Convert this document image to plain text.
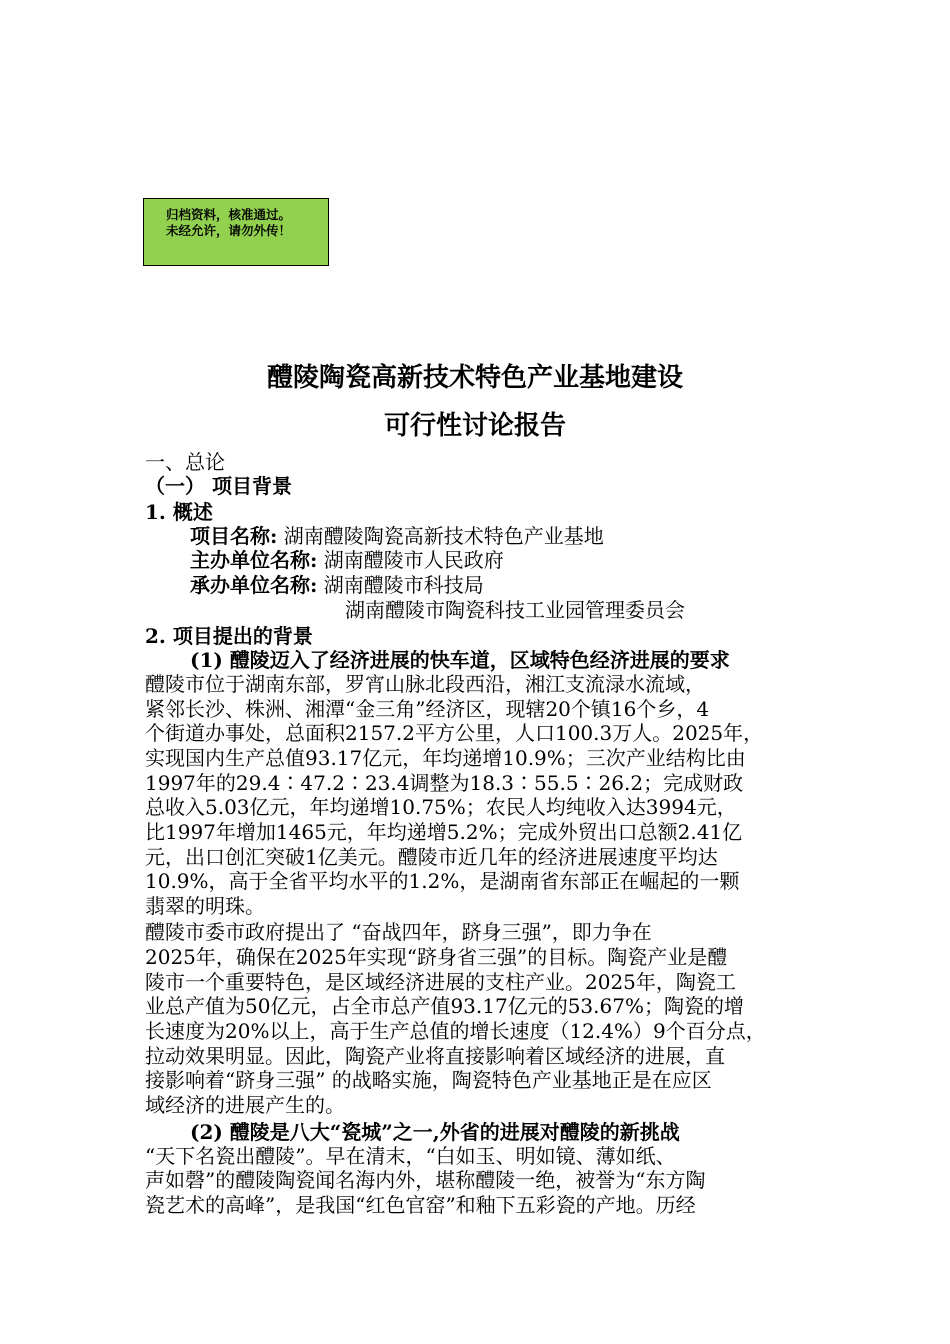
归档资料，核准通过。
未经允许，请勿外传！
醴陵陶瓷高新技术特色产业基地建设
可行性讨论报告
一、总论
（一） 项目背景
1. 概述
项目名称: 湖南醴陵陶瓷高新技术特色产业基地
主办单位名称: 湖南醴陵市人民政府
承办单位名称: 湖南醴陵市科技局
湖南醴陵市陶瓷科技工业园管理委员会
2. 项目提出的背景
(1) 醴陵迈入了经济进展的快车道，区域特色经济进展的要求
醴陵市位于湖南东部，罗宵山脉北段西沿，湘江支流渌水流域，
紧邻长沙、株洲、湘潭“金三角”经济区，现辖20个镇16个乡，4
个街道办事处，总面积2157.2平方公里，人口100.3万人。2025年，
实现国内生产总值93.17亿元，年均递增10.9%；三次产业结构比由
1997年的29.4∶47.2∶23.4调整为18.3∶55.5∶26.2；完成财政
总收入5.03亿元，年均递增10.75%；农民人均纯收入达3994元，
比1997年增加1465元，年均递增5.2%；完成外贸出口总额2.41亿
元，出口创汇突破1亿美元。醴陵市近几年的经济进展速度平均达
10.9%，高于全省平均水平的1.2%，是湖南省东部正在崛起的一颗
翡翠的明珠。
醴陵市委市政府提出了 “奋战四年，跻身三强”，即力争在
2025年，确保在2025年实现“跻身省三强”的目标。陶瓷产业是醴
陵市一个重要特色，是区域经济进展的支柱产业。2025年，陶瓷工
业总产值为50亿元，占全市总产值93.17亿元的53.67%；陶瓷的增
长速度为20%以上，高于生产总值的增长速度（12.4%）9个百分点，
拉动效果明显。因此，陶瓷产业将直接影响着区域经济的进展，直
接影响着“跻身三强” 的战略实施，陶瓷特色产业基地正是在应区
域经济的进展产生的。
(2) 醴陵是八大“瓷城”之一,外省的进展对醴陵的新挑战
“天下名瓷出醴陵”。早在清末，“白如玉、明如镜、薄如纸、
声如磬”的醴陵陶瓷闻名海内外，堪称醴陵一绝，被誉为“东方陶
瓷艺术的高峰”，是我国“红色官窑”和釉下五彩瓷的产地。历经
